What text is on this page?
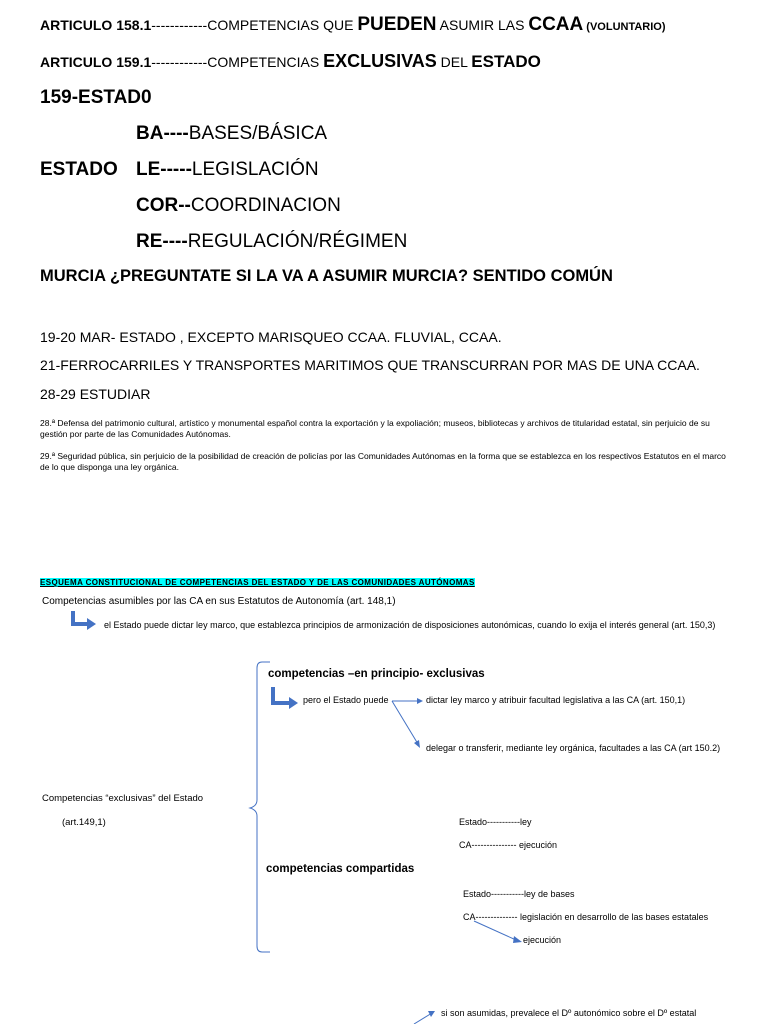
ARTICULO 158.1------------COMPETENCIAS QUE PUEDEN ASUMIR LAS CCAA (VOLUNTARIO)
ARTICULO 159.1------------COMPETENCIAS EXCLUSIVAS DEL ESTADO
159-ESTAD0
BA----BASES/BÁSICA
ESTADO LE-----LEGISLACIÓN
COR--COORDINACION
RE----REGULACIÓN/RÉGIMEN
MURCIA ¿PREGUNTATE SI LA VA A ASUMIR MURCIA? SENTIDO COMÚN
19-20 MAR- ESTADO , EXCEPTO MARISQUEO CCAA. FLUVIAL, CCAA.
21-FERROCARRILES Y TRANSPORTES MARITIMOS QUE TRANSCURRAN POR MAS DE UNA CCAA.
28-29 ESTUDIAR
28.ª Defensa del patrimonio cultural, artístico y monumental español contra la exportación y la expoliación; museos, bibliotecas y archivos de titularidad estatal, sin perjuicio de su gestión por parte de las Comunidades Autónomas.
29.ª Seguridad pública, sin perjuicio de la posibilidad de creación de policías por las Comunidades Autónomas en la forma que se establezca en los respectivos Estatutos en el marco de lo que disponga una ley orgánica.
ESQUEMA CONSTITUCIONAL DE COMPETENCIAS DEL ESTADO Y DE LAS COMUNIDADES AUTÓNOMAS
Competencias asumibles por las CA en sus Estatutos de Autonomía (art. 148,1)
el Estado puede dictar ley marco, que establezca principios de armonización de disposiciones autonómicas, cuando lo exija el interés general (art. 150,3)
competencias –en principio- exclusivas
pero el Estado puede	dictar ley marco y atribuir facultad legislativa a las CA (art. 150,1)
delegar o transferir, mediante ley orgánica, facultades a las CA (art 150.2)
Competencias “exclusivas” del Estado
(art.149,1)	Estado-----------ley
CA--------------- ejecución
competencias compartidas
Estado-----------ley de bases
CA-------------- legislación en desarrollo de las bases estatales
ejecución
si son asumidas, prevalece el Dº autonómico sobre el Dº estatal
